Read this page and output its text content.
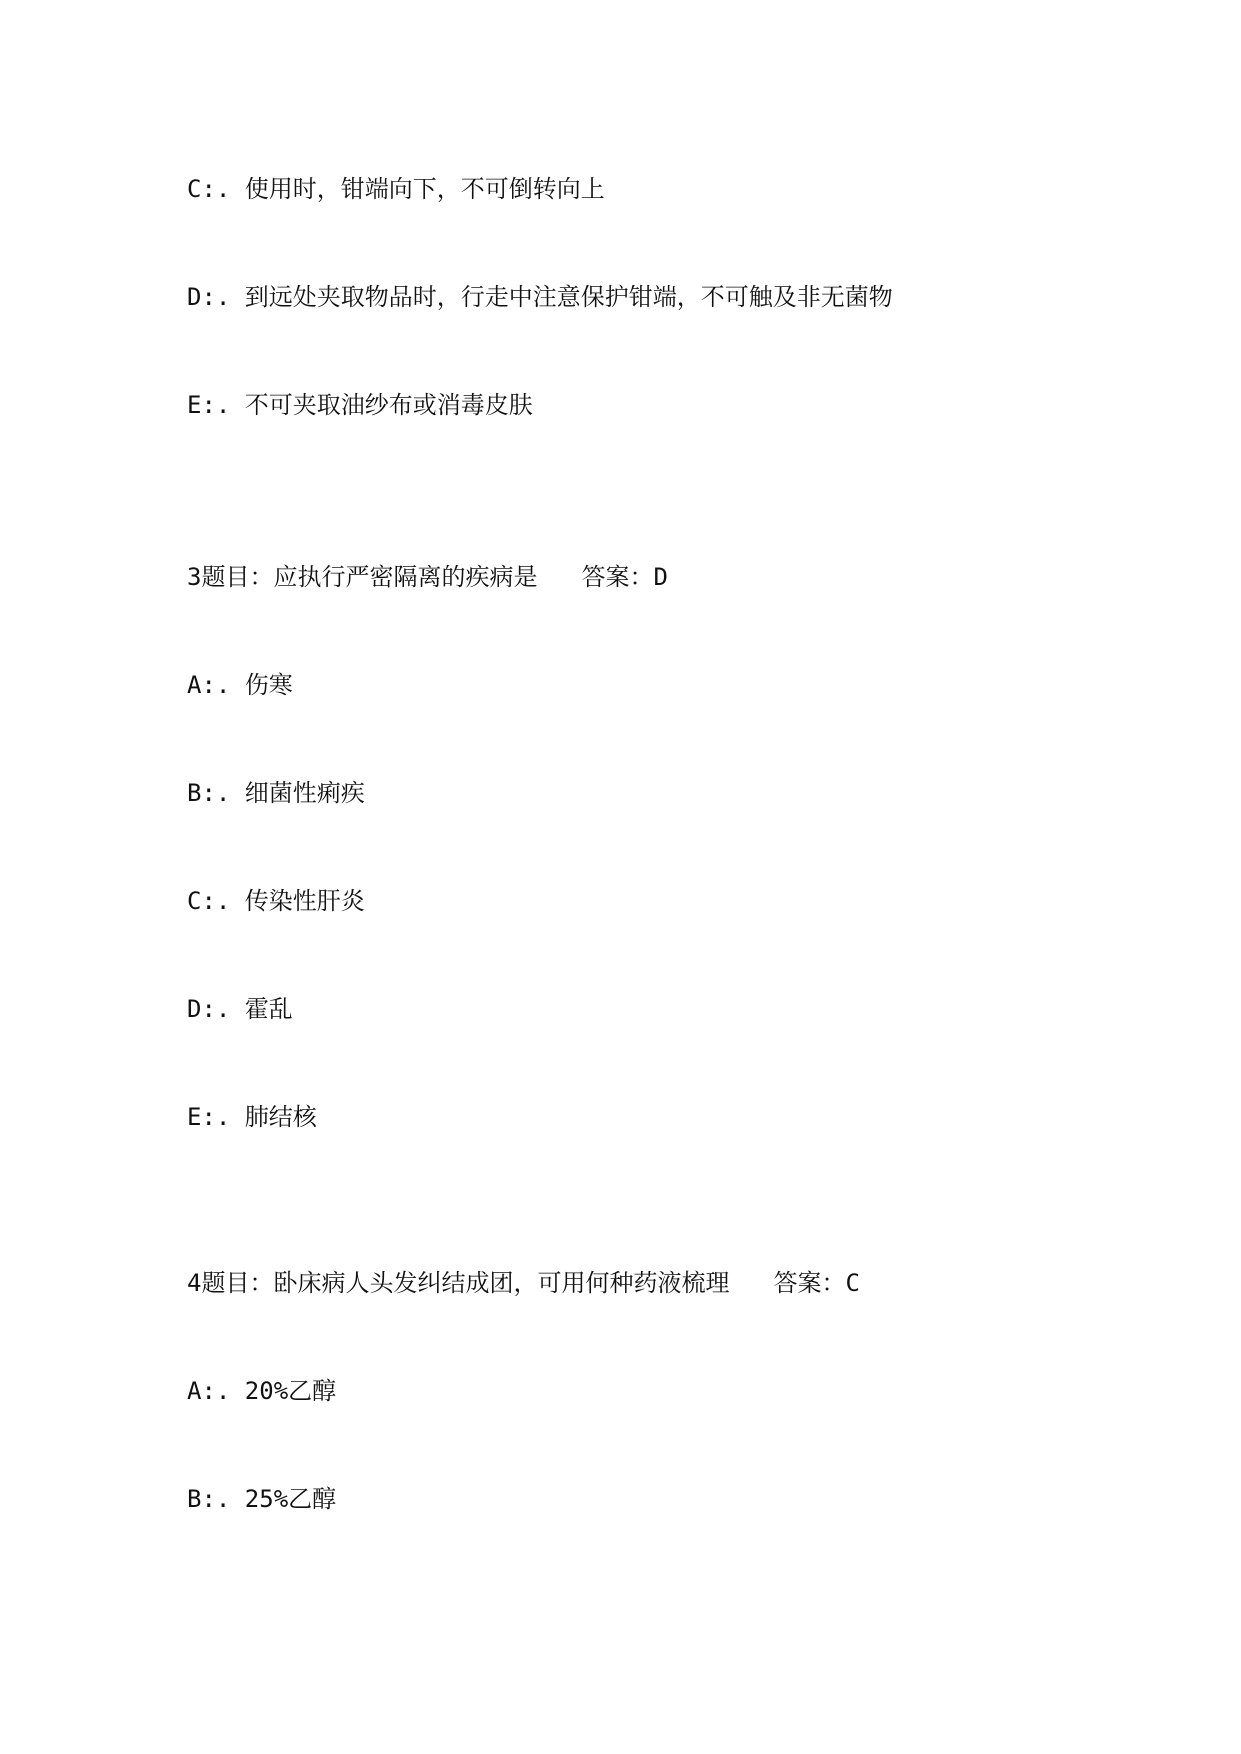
C:. 使用时，钳端向下，不可倒转向上
D:. 到远处夹取物品时，行走中注意保护钳端，不可触及非无菌物
E:. 不可夹取油纱布或消毒皮肤
3题目：应执行严密隔离的疾病是 答案：D
A:. 伤寒
B:. 细菌性痢疾
C:. 传染性肝炎
D:. 霍乱
E:. 肺结核
4题目：卧床病人头发纠结成团，可用何种药液梳理 答案：C
A:. 20%乙醇
B:. 25%乙醇
